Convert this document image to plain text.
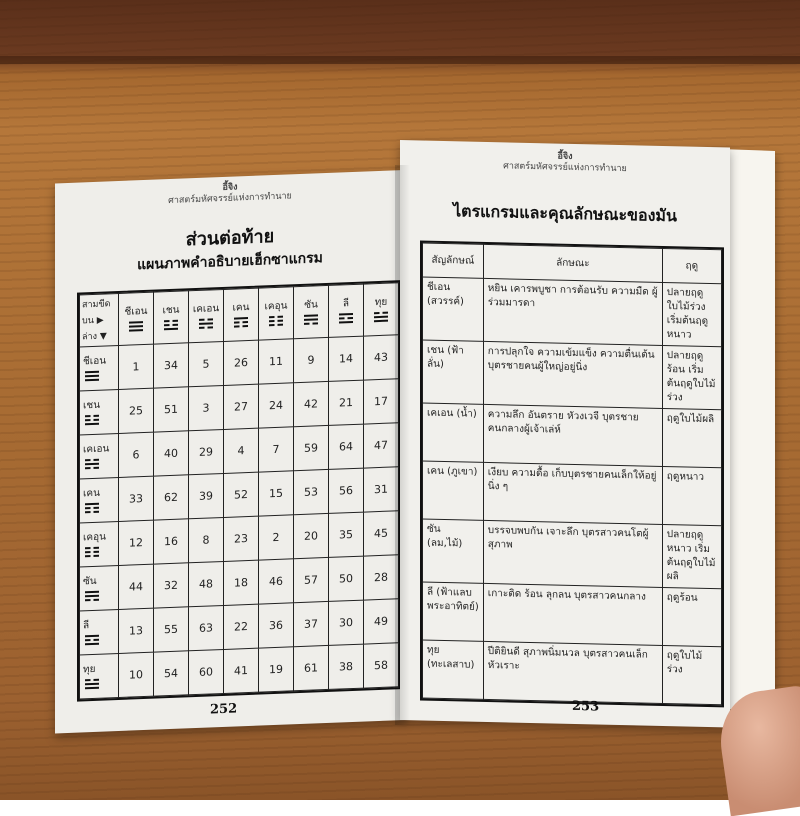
อี้จิง
ศาสตร์มหัศจรรย์แห่งการทำนาย
ส่วนต่อท้าย
แผนภาพคำอธิบายเฮ็กซาแกรม
สามขีด
บน ▶
ล่าง ▼	ชีเอน	เชน	เคเอน	เคน	เคอุน	ซัน	ลี	ทุย

ชีเอน	1	34	5	26	11	9	14	43

เชน	25	51	3	27	24	42	21	17

เคเอน	6	40	29	4	7	59	64	47

เคน	33	62	39	52	15	53	56	31

เคอุน	12	16	8	23	2	20	35	45

ซัน	44	32	48	18	46	57	50	28

ลี	13	55	63	22	36	37	30	49

ทุย	10	54	60	41	19	61	38	58
252
อี้จิง
ศาสตร์มหัศจรรย์แห่งการทำนาย
ไตรแกรมและคุณลักษณะของมัน
สัญลักษณ์	ลักษณะ	ฤดู
ชีเอน (สวรรค์)	หยิน เคารพบูชา การต้อนรับ ความมืด ผู้ร่วมมารดา	ปลายฤดูใบไม้ร่วง เริ่มต้นฤดูหนาว
เชน (ฟ้าลั่น)	การปลุกใจ ความเข้มแข็ง ความตื่นเต้น บุตรชายคนผู้ใหญ่อยู่นิ่ง	ปลายฤดูร้อน เริ่มต้นฤดูใบไม้ร่วง
เคเอน (น้ำ)	ความลึก อันตราย หัวงเวจี บุตรชายคนกลางผู้เจ้าเล่ห์	ฤดูใบไม้ผลิ
เคน (ภูเขา)	เงียบ ความดื้อ เก็บบุตรชายคนเล็กให้อยู่นิ่ง ๆ	ฤดูหนาว
ซัน (ลม,ไม้)	บรรจบพบกัน เจาะลึก บุตรสาวคนโตผู้สุภาพ	ปลายฤดูหนาว เริ่มต้นฤดูใบไม้ผลิ
ลี (ฟ้าแลบ พระอาทิตย์)	เกาะติด ร้อน ลุกลน บุตรสาวคนกลาง	ฤดูร้อน
ทุย (ทะเลสาบ)	ปีติยินดี สุภาพนิ่มนวล บุตรสาวคนเล็กหัวเราะ	ฤดูใบไม้ร่วง
253
